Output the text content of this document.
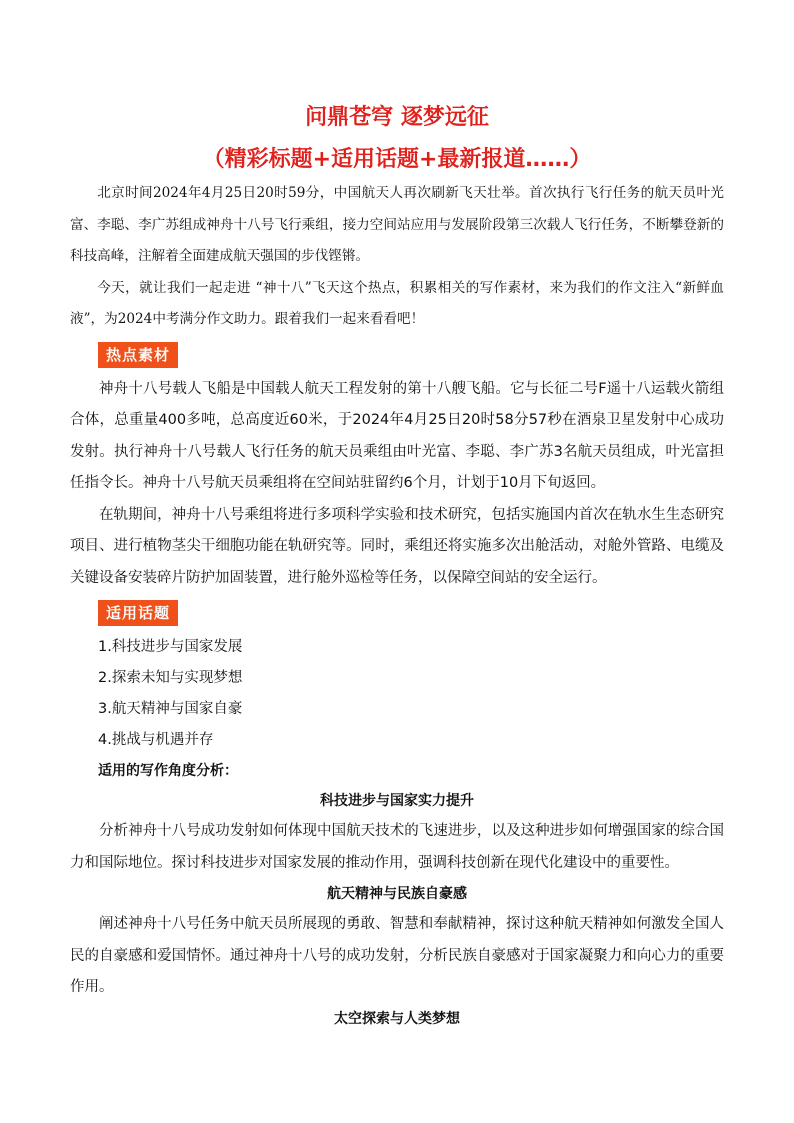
问鼎苍穹 逐梦远征
（精彩标题+适用话题+最新报道……）

北京时间2024年4月25日20时59分，中国航天人再次刷新飞天壮举。首次执行飞行任务的航天员叶光富、李聪、李广苏组成神舟十八号飞行乘组，接力空间站应用与发展阶段第三次载人飞行任务，不断攀登新的科技高峰，注解着全面建成航天强国的步伐铿锵。

今天，就让我们一起走进 “神十八”飞天这个热点，积累相关的写作素材，来为我们的作文注入“新鲜血液”，为2024中考满分作文助力。跟着我们一起来看看吧！

热点素材

神舟十八号载人飞船是中国载人航天工程发射的第十八艘飞船。它与长征二号F遥十八运载火箭组合体，总重量400多吨，总高度近60米，于2024年4月25日20时58分57秒在酒泉卫星发射中心成功发射。执行神舟十八号载人飞行任务的航天员乘组由叶光富、李聪、李广苏3名航天员组成，叶光富担任指令长。神舟十八号航天员乘组将在空间站驻留约6个月，计划于10月下旬返回。

在轨期间，神舟十八号乘组将进行多项科学实验和技术研究，包括实施国内首次在轨水生生态研究项目、进行植物茎尖干细胞功能在轨研究等。同时，乘组还将实施多次出舱活动，对舱外管路、电缆及关键设备安装碎片防护加固装置，进行舱外巡检等任务，以保障空间站的安全运行。

适用话题
1.科技进步与国家发展
2.探索未知与实现梦想
3.航天精神与国家自豪
4.挑战与机遇并存
适用的写作角度分析：
科技进步与国家实力提升

分析神舟十八号成功发射如何体现中国航天技术的飞速进步，以及这种进步如何增强国家的综合国力和国际地位。探讨科技进步对国家发展的推动作用，强调科技创新在现代化建设中的重要性。

航天精神与民族自豪感

阐述神舟十八号任务中航天员所展现的勇敢、智慧和奉献精神，探讨这种航天精神如何激发全国人民的自豪感和爱国情怀。通过神舟十八号的成功发射，分析民族自豪感对于国家凝聚力和向心力的重要作用。

太空探索与人类梦想
